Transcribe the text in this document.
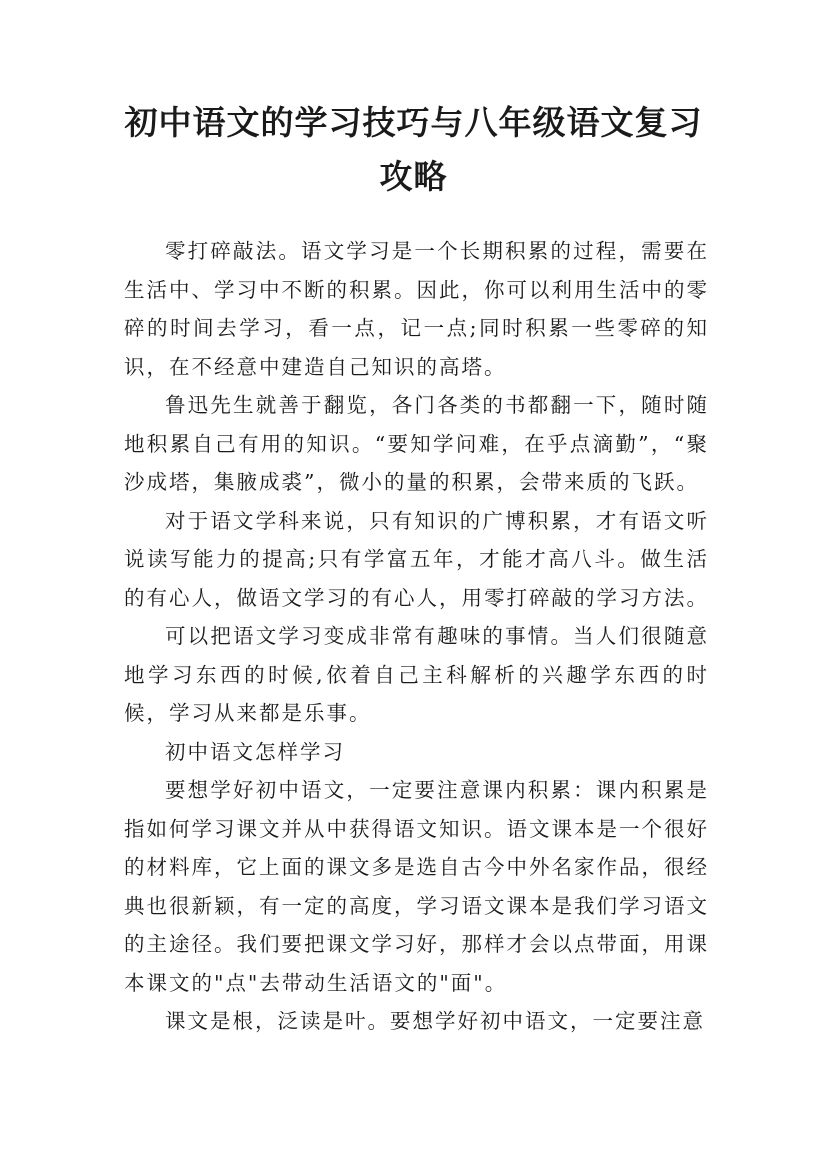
初中语文的学习技巧与八年级语文复习攻略

零打碎敲法。语文学习是一个长期积累的过程，需要在生活中、学习中不断的积累。因此，你可以利用生活中的零碎的时间去学习，看一点，记一点;同时积累一些零碎的知识，在不经意中建造自己知识的高塔。

鲁迅先生就善于翻览，各门各类的书都翻一下，随时随地积累自己有用的知识。“要知学问难，在乎点滴勤”，“聚沙成塔，集腋成裘”，微小的量的积累，会带来质的飞跃。

对于语文学科来说，只有知识的广博积累，才有语文听说读写能力的提高;只有学富五年，才能才高八斗。做生活的有心人，做语文学习的有心人，用零打碎敲的学习方法。

可以把语文学习变成非常有趣味的事情。当人们很随意地学习东西的时候,依着自己主科解析的兴趣学东西的时候，学习从来都是乐事。

初中语文怎样学习

要想学好初中语文，一定要注意课内积累：课内积累是指如何学习课文并从中获得语文知识。语文课本是一个很好的材料库，它上面的课文多是选自古今中外名家作品，很经典也很新颖，有一定的高度，学习语文课本是我们学习语文的主途径。我们要把课文学习好，那样才会以点带面，用课本课文的"点"去带动生活语文的"面"。

课文是根，泛读是叶。要想学好初中语文，一定要注意
